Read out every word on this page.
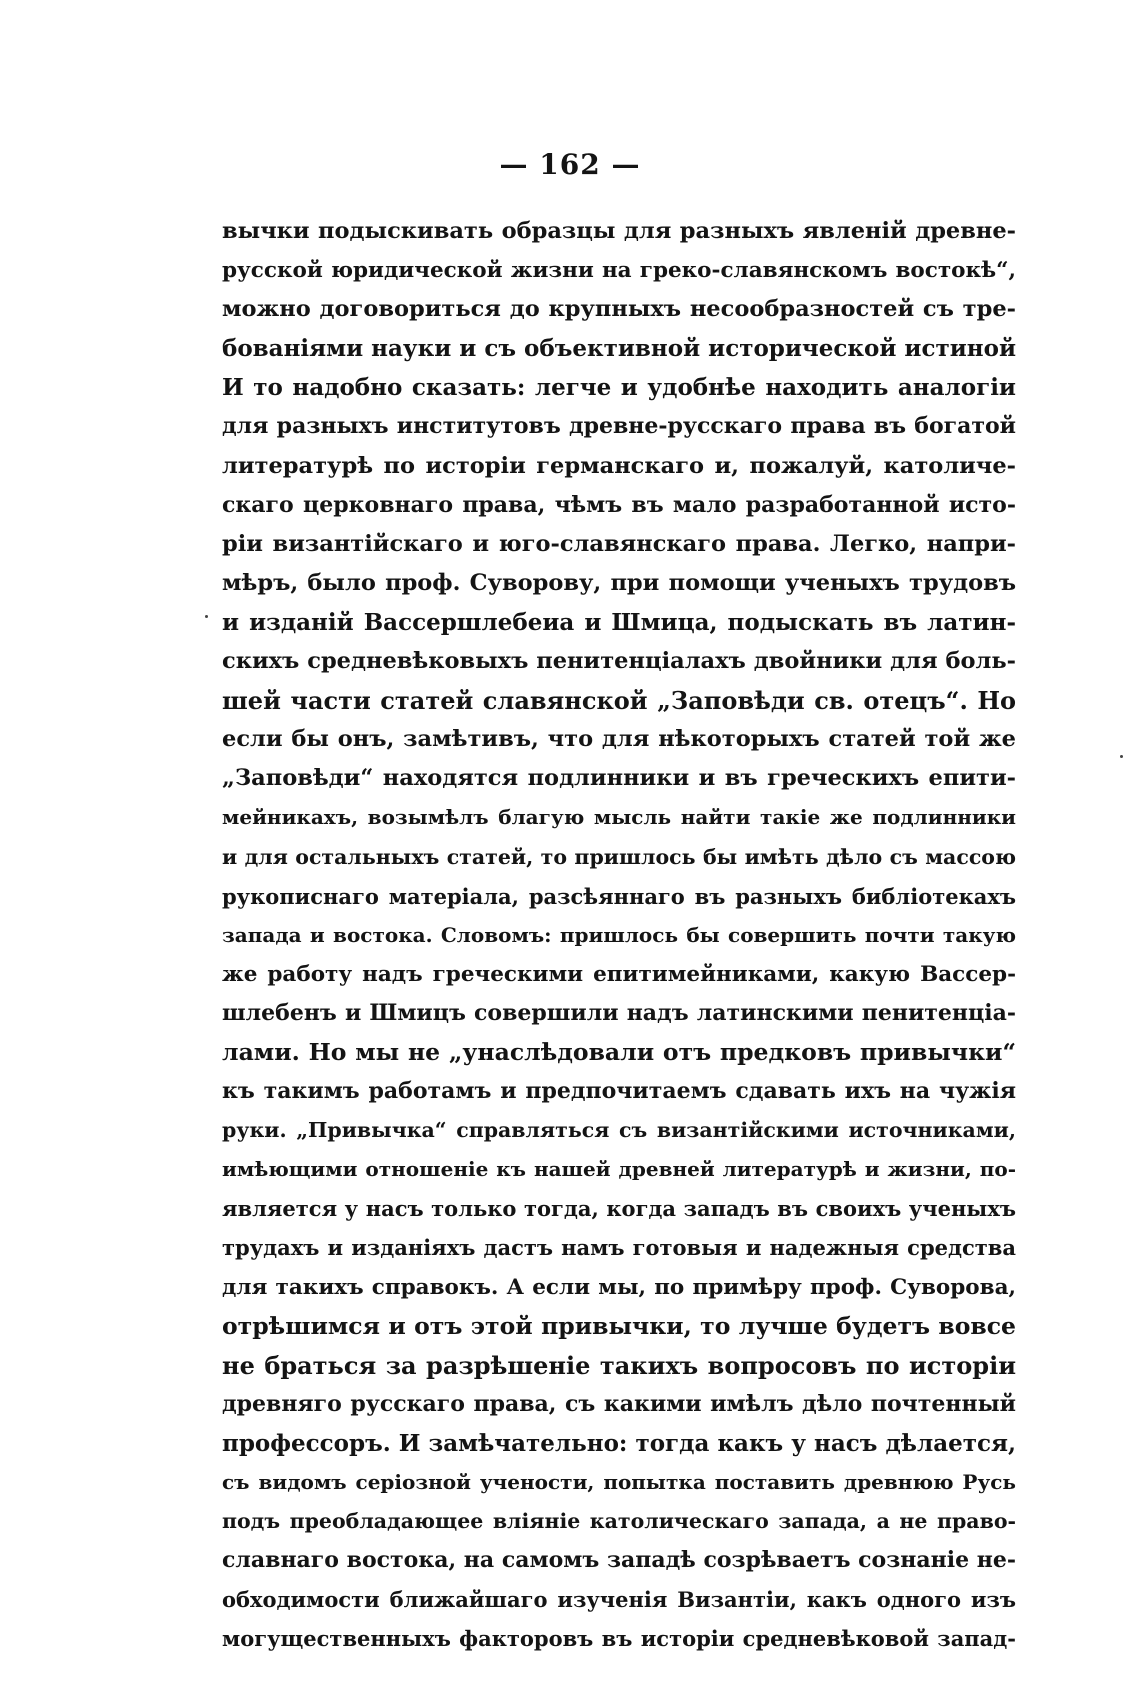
— 162 —
вычки подыскивать образцы для разныхъ явленій древне-
русской юридической жизни на греко-славянскомъ востокѣ“,
можно договориться до крупныхъ несообразностей съ тре-
бованіями науки и съ объективной исторической истиной
И то надобно сказать: легче и удобнѣе находить аналогіи
для разныхъ институтовъ древне-русскаго права въ богатой
литературѣ по исторіи германскаго и, пожалуй, католиче-
скаго церковнаго права, чѣмъ въ мало разработанной исто-
ріи византійскаго и юго-славянскаго права. Легко, напри-
мѣръ, было проф. Суворову, при помощи ученыхъ трудовъ
и изданій Вассершлебеиа и Шмица, подыскать въ латин-
скихъ средневѣковыхъ пенитенціалахъ двойники для боль-
шей части статей славянской „Заповѣди св. отецъ“. Но
если бы онъ, замѣтивъ, что для нѣкоторыхъ статей той же
„Заповѣди“ находятся подлинники и въ греческихъ епити-
мейникахъ, возымѣлъ благую мысль найти такіе же подлинники
и для остальныхъ статей, то пришлось бы имѣть дѣло съ массою
рукописнаго матеріала, разсѣяннаго въ разныхъ библіотекахъ
запада и востока. Словомъ: пришлось бы совершить почти такую
же работу надъ греческими епитимейниками, какую Вассер-
шлебенъ и Шмицъ совершили надъ латинскими пенитенціа-
лами. Но мы не „унаслѣдовали отъ предковъ привычки“
къ такимъ работамъ и предпочитаемъ сдавать ихъ на чужія
руки. „Привычка“ справляться съ византійскими источниками,
имѣющими отношеніе къ нашей древней литературѣ и жизни, по-
является у насъ только тогда, когда западъ въ своихъ ученыхъ
трудахъ и изданіяхъ дастъ намъ готовыя и надежныя средства
для такихъ справокъ. А если мы, по примѣру проф. Суворова,
отрѣшимся и отъ этой привычки, то лучше будетъ вовсе
не браться за разрѣшеніе такихъ вопросовъ по исторіи
древняго русскаго права, съ какими имѣлъ дѣло почтенный
профессоръ. И замѣчательно: тогда какъ у насъ дѣлается,
съ видомъ серіозной учености, попытка поставить древнюю Русь
подъ преобладающее вліяніе католическаго запада, а не право-
славнаго востока, на самомъ западѣ созрѣваетъ сознаніе не-
обходимости ближайшаго изученія Византіи, какъ одного изъ
могущественныхъ факторовъ въ исторіи средневѣковой запад-
